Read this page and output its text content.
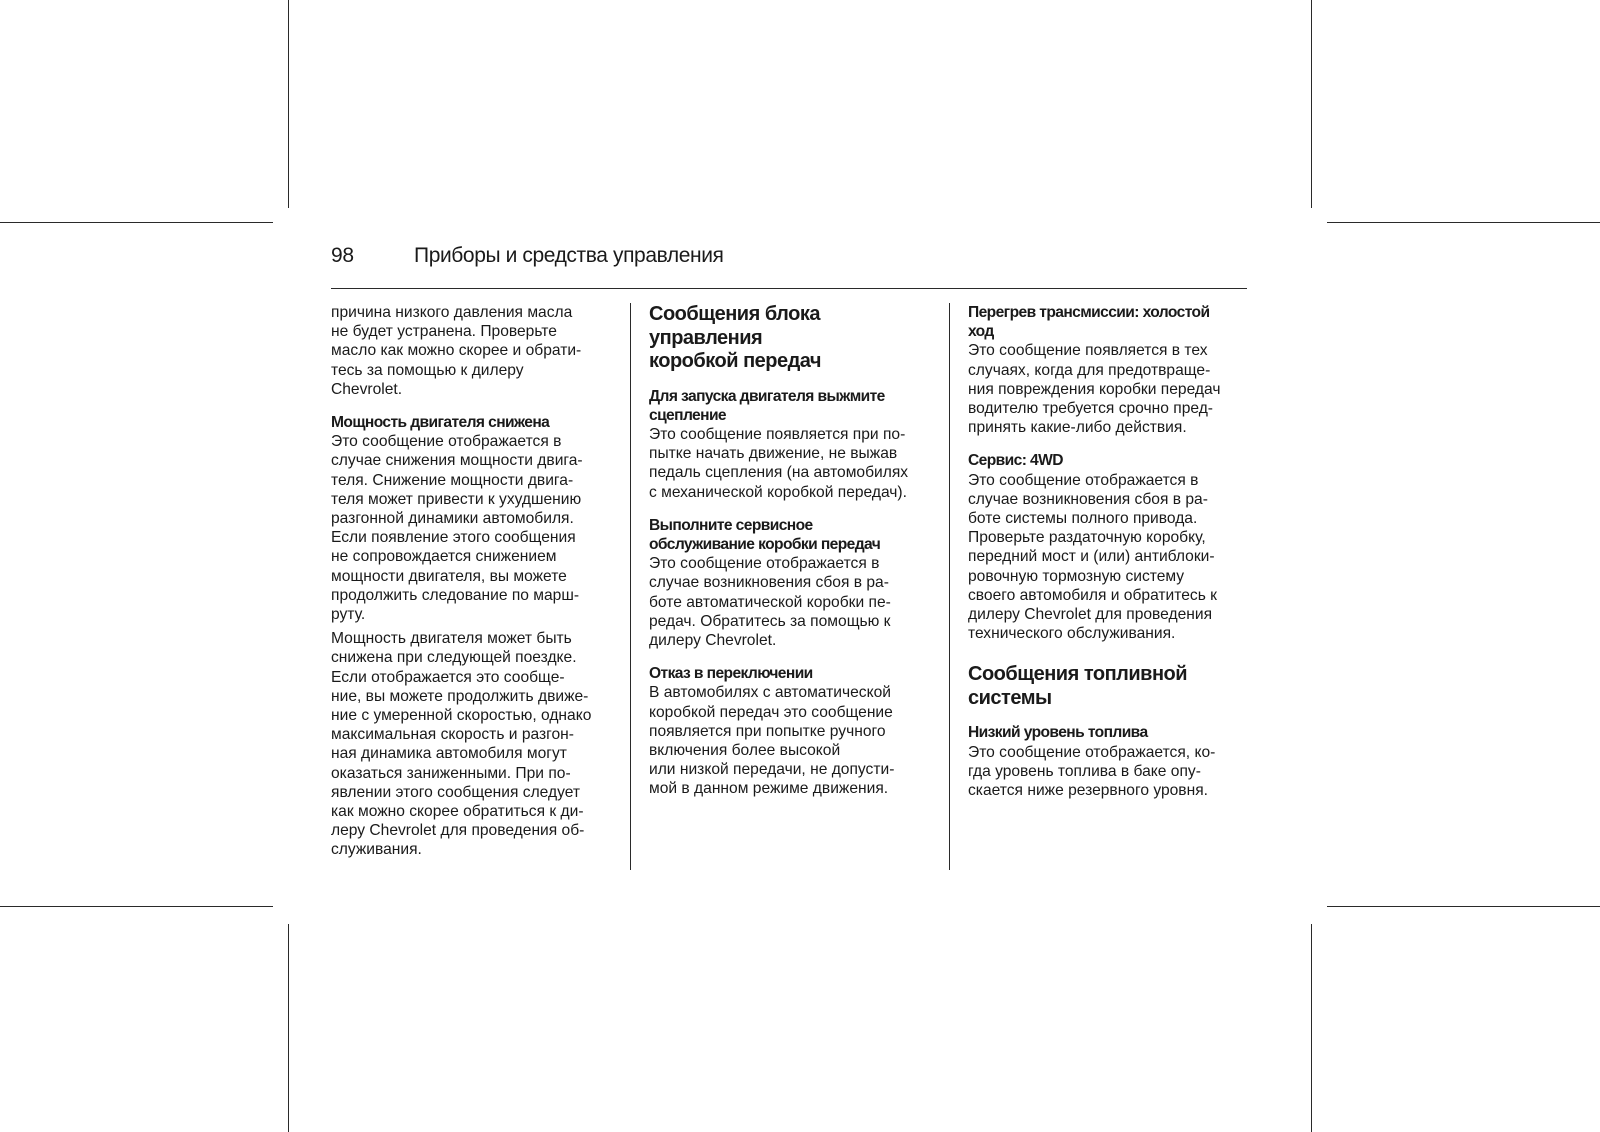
98	Приборы и средства управления

причина низкого давления масла
не будет устранена. Проверьте
масло как можно скорее и обрати-
тесь за помощью к дилеру
Chevrolet.

Мощность двигателя снижена

Это сообщение отображается в
случае снижения мощности двига-
теля. Снижение мощности двига-
теля может привести к ухудшению
разгонной динамики автомобиля.
Если появление этого сообщения
не сопровождается снижением
мощности двигателя, вы можете
продолжить следование по марш-
руту.

Мощность двигателя может быть
снижена при следующей поездке.
Если отображается это сообще-
ние, вы можете продолжить движе-
ние с умеренной скоростью, однако
максимальная скорость и разгон-
ная динамика автомобиля могут
оказаться заниженными. При по-
явлении этого сообщения следует
как можно скорее обратиться к ди-
леру Chevrolet для проведения об-
служивания.

Сообщения блока управления
коробкой передач
Для запуска двигателя выжмите
сцепление

Это сообщение появляется при по-
пытке начать движение, не выжав
педаль сцепления (на автомобилях
с механической коробкой передач).

Выполните сервисное
обслуживание коробки передач

Это сообщение отображается в
случае возникновения сбоя в ра-
боте автоматической коробки пе-
редач. Обратитесь за помощью к
дилеру Chevrolet.

Отказ в переключении

В автомобилях с автоматической
коробкой передач это сообщение
появляется при попытке ручного
включения более высокой
или низкой передачи, не допусти-
мой в данном режиме движения.

Перегрев трансмиссии: холостой
ход

Это сообщение появляется в тех
случаях, когда для предотвраще-
ния повреждения коробки передач
водителю требуется срочно пред-
принять какие-либо действия.

Сервис: 4WD

Это сообщение отображается в
случае возникновения сбоя в ра-
боте системы полного привода.
Проверьте раздаточную коробку,
передний мост и (или) антиблоки-
ровочную тормозную систему
своего автомобиля и обратитесь к
дилеру Chevrolet для проведения
технического обслуживания.

Сообщения топливной
системы
Низкий уровень топлива

Это сообщение отображается, ко-
гда уровень топлива в баке опу-
скается ниже резервного уровня.
